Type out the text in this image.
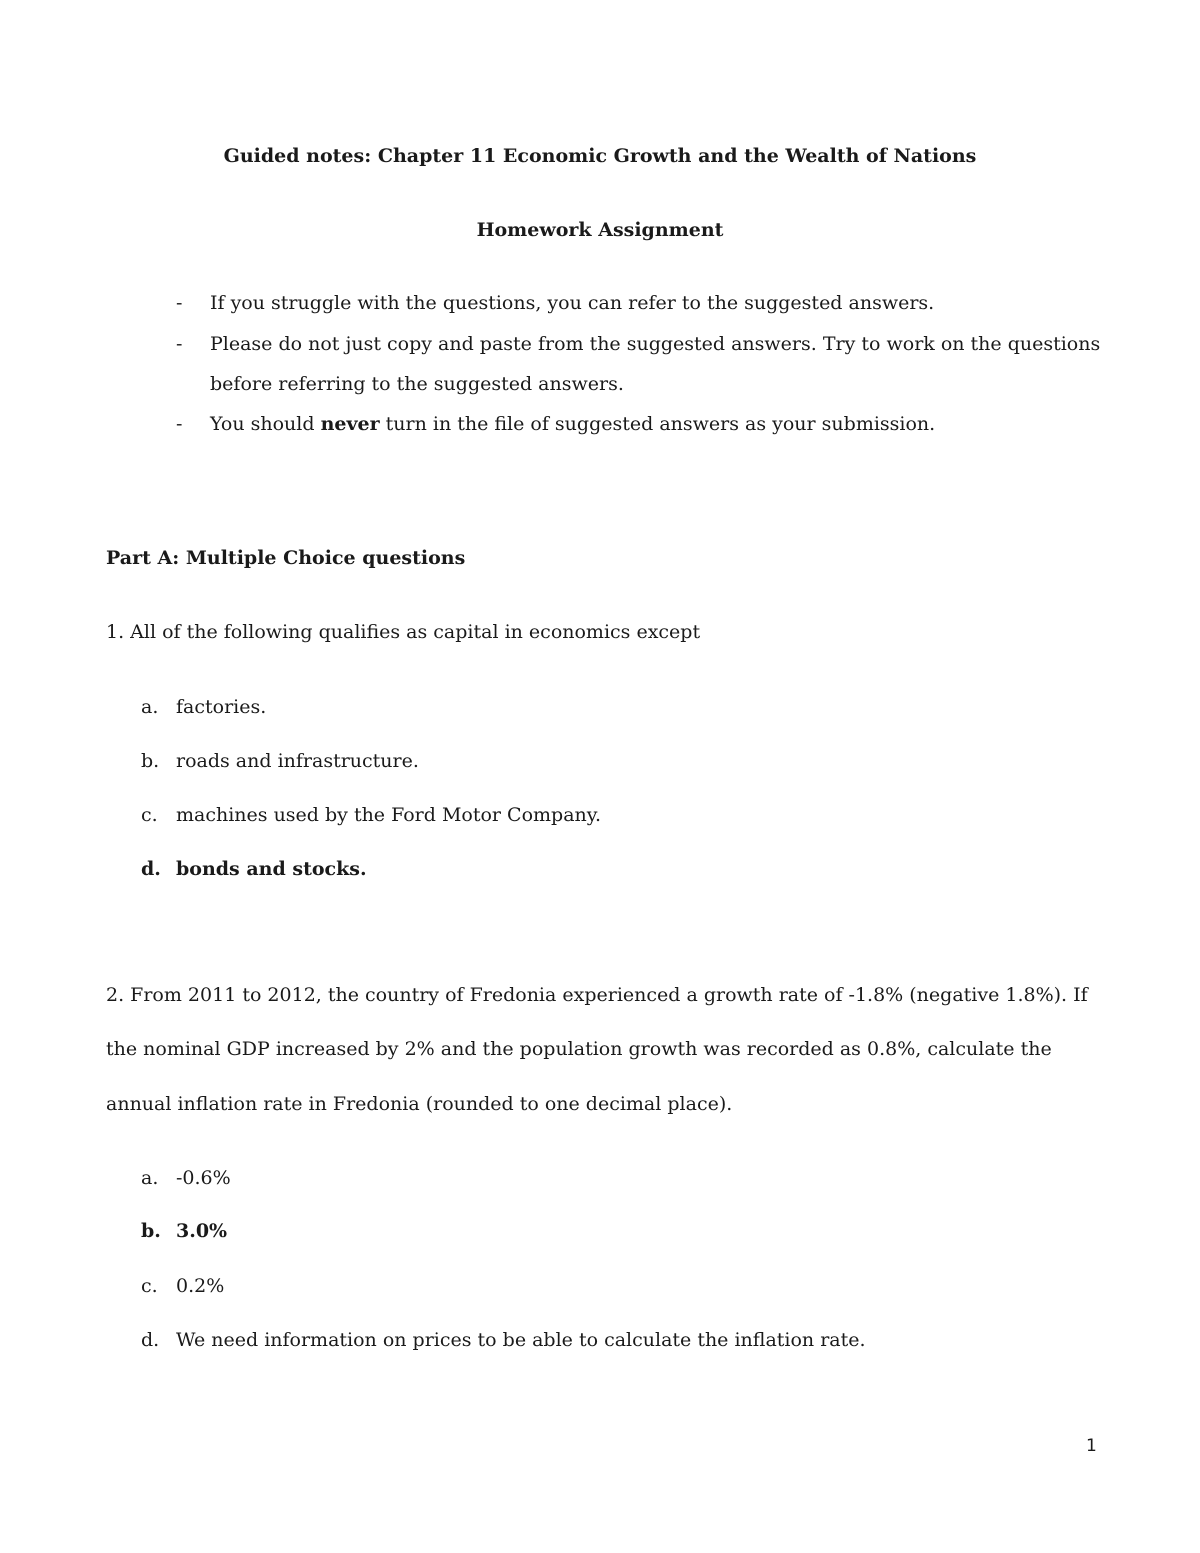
Guided notes: Chapter 11 Economic Growth and the Wealth of Nations
Homework Assignment
- If you struggle with the questions, you can refer to the suggested answers.
- Please do not just copy and paste from the suggested answers. Try to work on the questions
before referring to the suggested answers.
- You should never turn in the file of suggested answers as your submission.
Part A: Multiple Choice questions
1. All of the following qualifies as capital in economics except
a. factories.
b. roads and infrastructure.
c. machines used by the Ford Motor Company.
d. bonds and stocks.
2. From 2011 to 2012, the country of Fredonia experienced a growth rate of -1.8% (negative 1.8%). If
the nominal GDP increased by 2% and the population growth was recorded as 0.8%, calculate the
annual inflation rate in Fredonia (rounded to one decimal place).
a. -0.6%
b. 3.0%
c. 0.2%
d. We need information on prices to be able to calculate the inflation rate.
1
